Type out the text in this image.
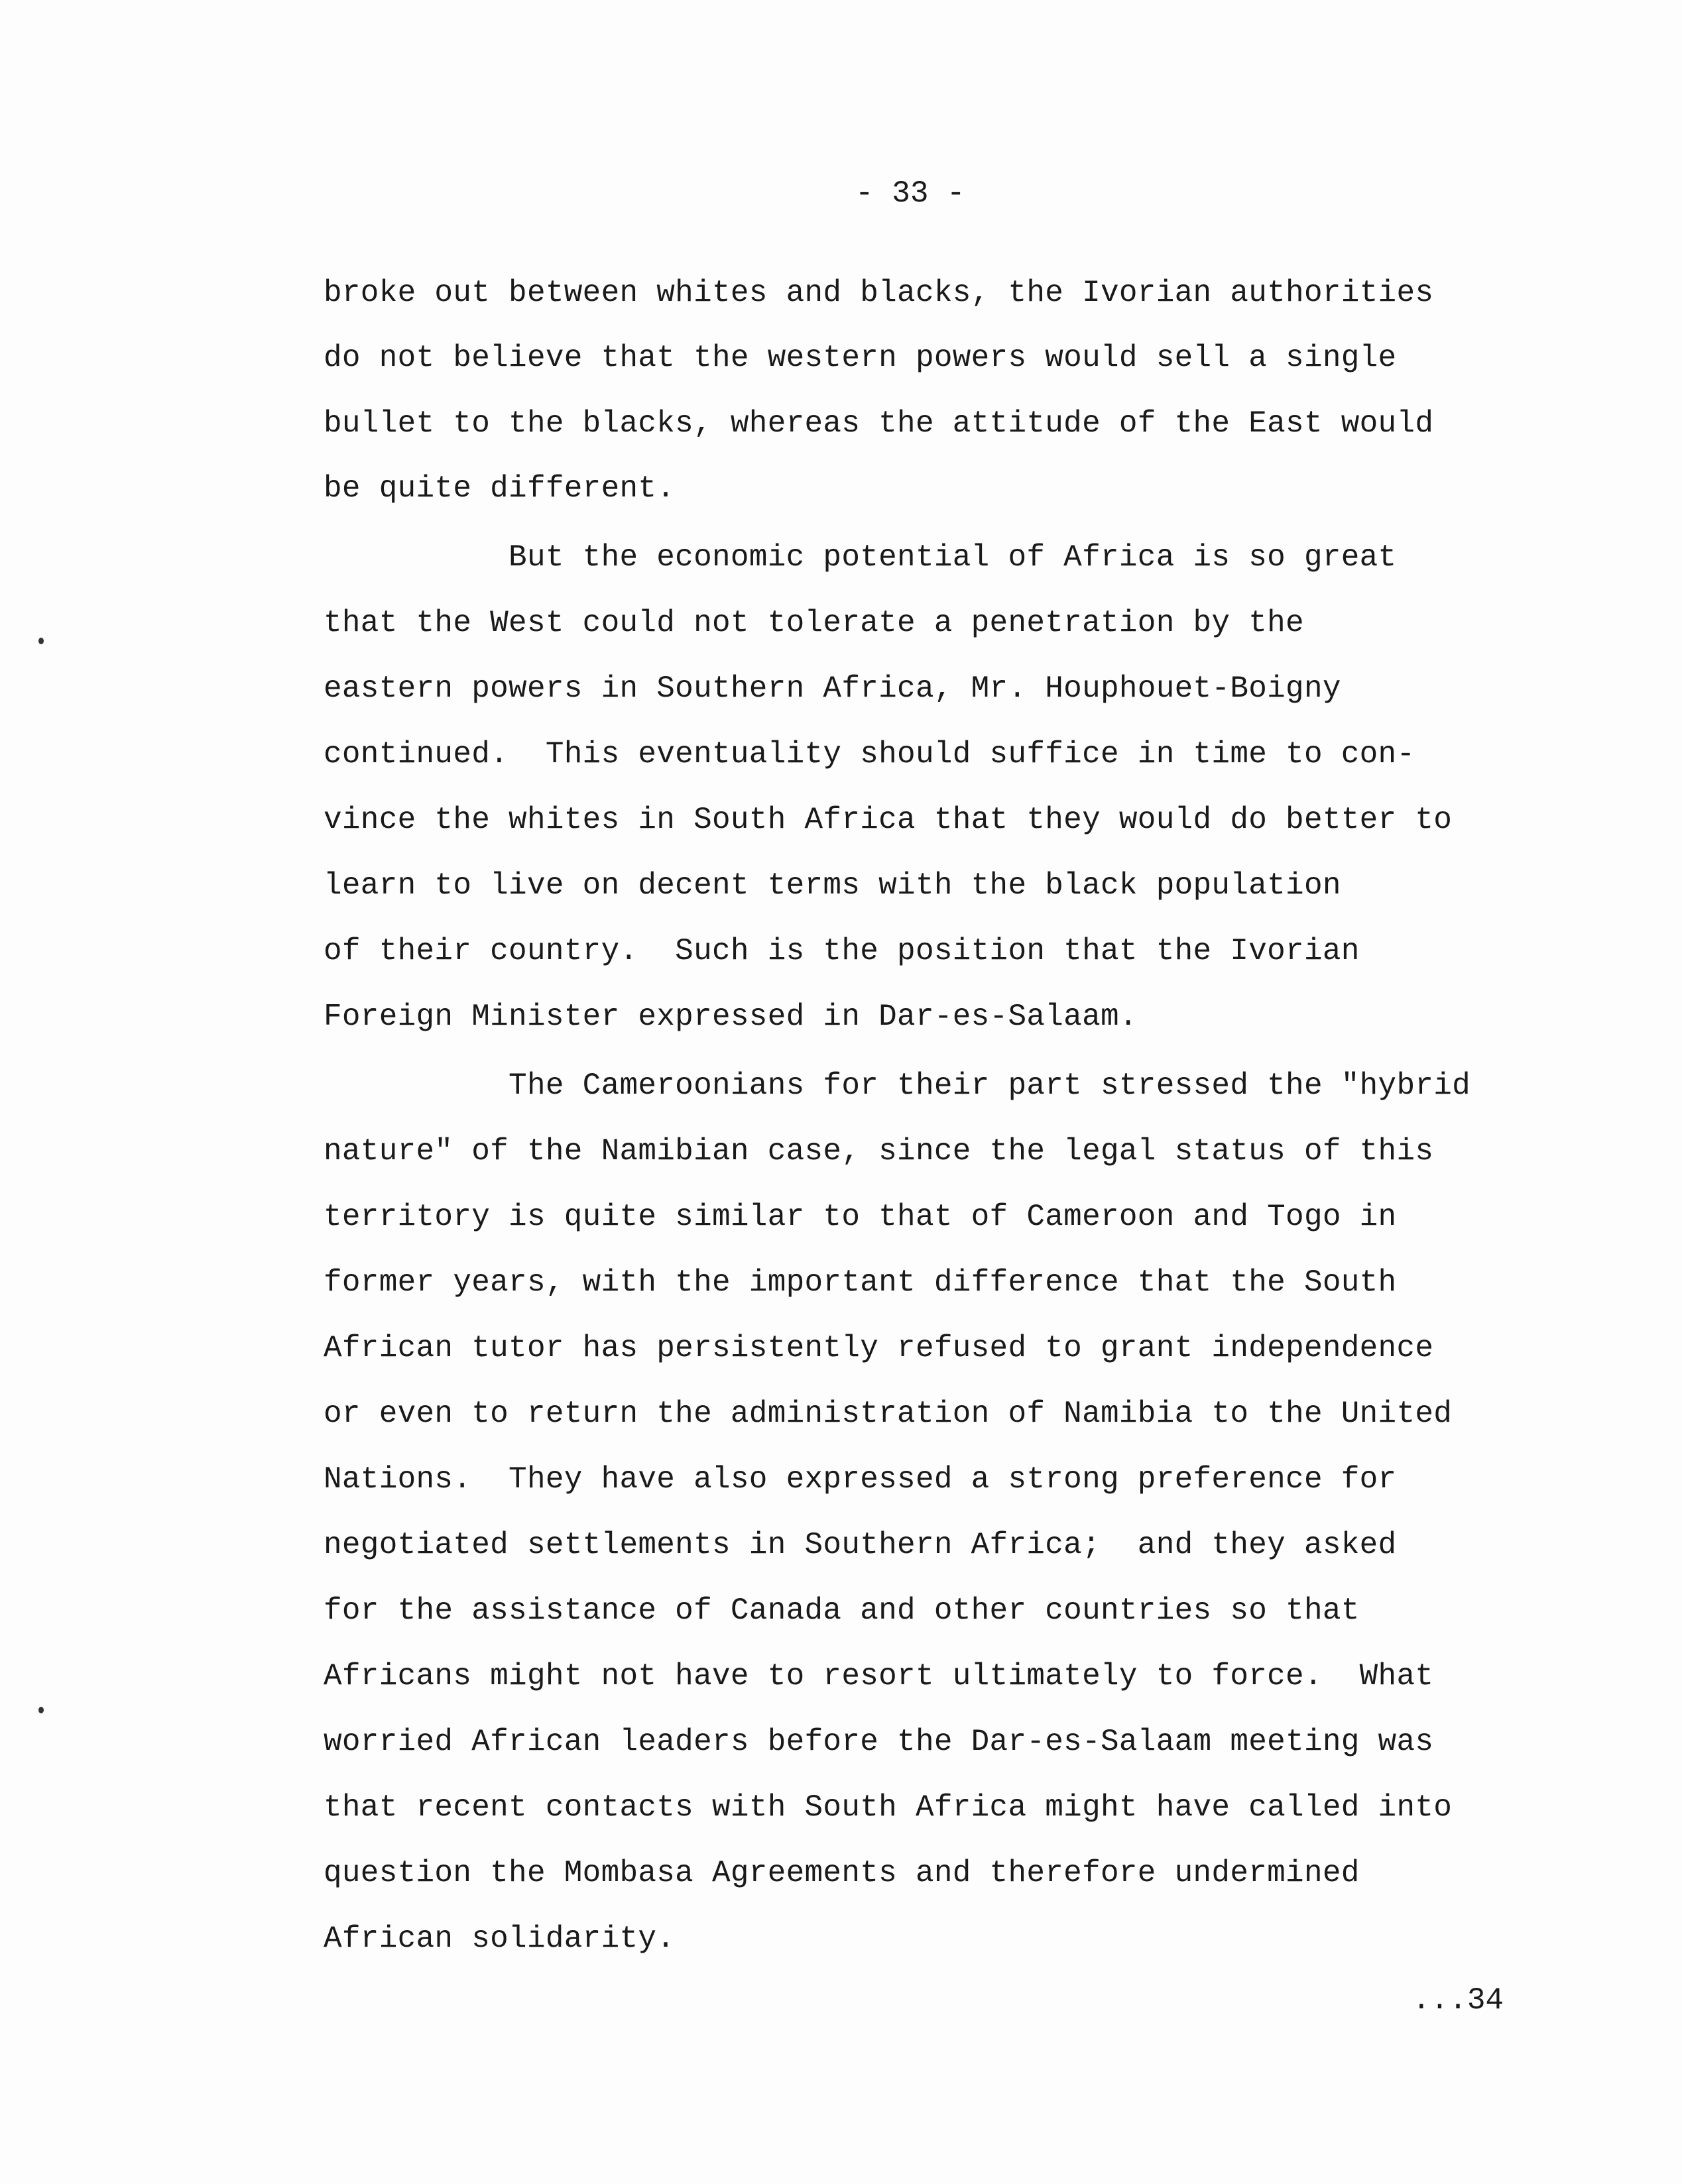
- 33 -
broke out between whites and blacks, the Ivorian authorities
do not believe that the western powers would sell a single
bullet to the blacks, whereas the attitude of the East would
be quite different.
But the economic potential of Africa is so great
that the West could not tolerate a penetration by the
eastern powers in Southern Africa, Mr. Houphouet-Boigny
continued.  This eventuality should suffice in time to con-
vince the whites in South Africa that they would do better to
learn to live on decent terms with the black population
of their country.  Such is the position that the Ivorian
Foreign Minister expressed in Dar-es-Salaam.
The Cameroonians for their part stressed the "hybrid
nature" of the Namibian case, since the legal status of this
territory is quite similar to that of Cameroon and Togo in
former years, with the important difference that the South
African tutor has persistently refused to grant independence
or even to return the administration of Namibia to the United
Nations.  They have also expressed a strong preference for
negotiated settlements in Southern Africa;  and they asked
for the assistance of Canada and other countries so that
Africans might not have to resort ultimately to force.  What
worried African leaders before the Dar-es-Salaam meeting was
that recent contacts with South Africa might have called into
question the Mombasa Agreements and therefore undermined
African solidarity.
...34
